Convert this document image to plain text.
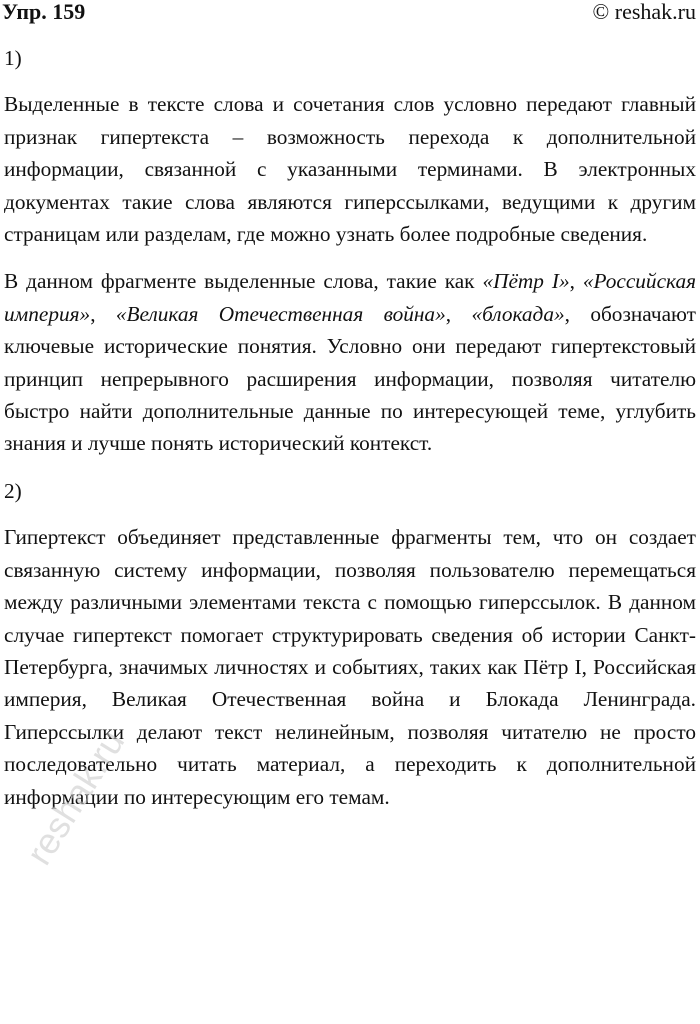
Упр. 159	© reshak.ru

1)

Выделенные в тексте слова и сочетания слов условно передают главный признак гипертекста – возможность перехода к дополнительной информации, связанной с указанными терминами. В электронных документах такие слова являются гиперссылками, ведущими к другим страницам или разделам, где можно узнать более подробные сведения.

В данном фрагменте выделенные слова, такие как «Пётр I», «Российская империя», «Великая Отечественная война», «блокада», обозначают ключевые исторические понятия. Условно они передают гипертекстовый принцип непрерывного расширения информации, позволяя читателю быстро найти дополнительные данные по интересующей теме, углубить знания и лучше понять исторический контекст.

2)

Гипертекст объединяет представленные фрагменты тем, что он создает связанную систему информации, позволяя пользователю перемещаться между различными элементами текста с помощью гиперссылок. В данном случае гипертекст помогает структурировать сведения об истории Санкт-Петербурга, значимых личностях и событиях, таких как Пётр I, Российская империя, Великая Отечественная война и Блокада Ленинграда. Гиперссылки делают текст нелинейным, позволяя читателю не просто последовательно читать материал, а переходить к дополнительной информации по интересующим его темам.

reshak.ru
